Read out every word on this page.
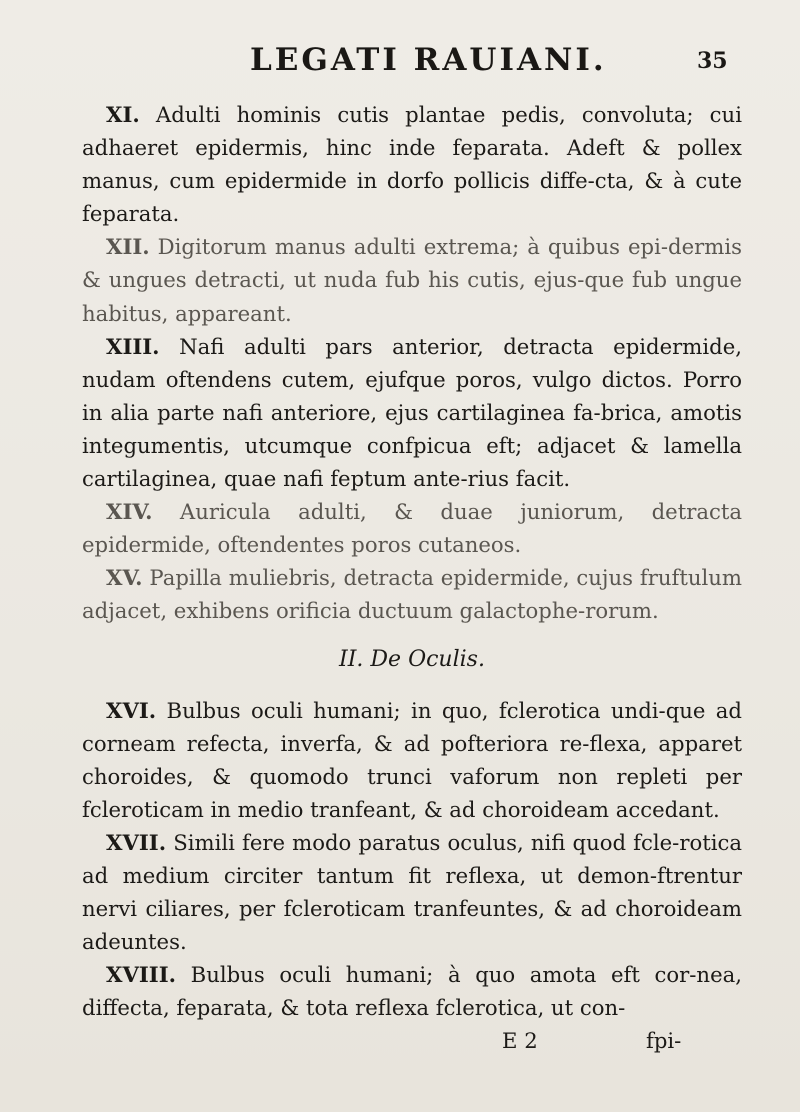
LEGATI RAUIANI.	35

XI. Adulti hominis cutis plantae pedis, convoluta; cui adhaeret epidermis, hinc inde feparata. Adeft & pollex manus, cum epidermide in dorfo pollicis diffe-cta, & à cute feparata.

XII. Digitorum manus adulti extrema; à quibus epi-dermis & ungues detracti, ut nuda fub his cutis, ejus-que fub ungue habitus, appareant.

XIII. Nafi adulti pars anterior, detracta epidermide, nudam oftendens cutem, ejufque poros, vulgo dictos. Porro in alia parte nafi anteriore, ejus cartilaginea fa-brica, amotis integumentis, utcumque confpicua eft; adjacet & lamella cartilaginea, quae nafi feptum ante-rius facit.

XIV. Auricula adulti, & duae juniorum, detracta epidermide, oftendentes poros cutaneos.

XV. Papilla muliebris, detracta epidermide, cujus fruftulum adjacet, exhibens orificia ductuum galactophe-rorum.

II. De Oculis.

XVI. Bulbus oculi humani; in quo, fclerotica undi-que ad corneam refecta, inverfa, & ad pofteriora re-flexa, apparet choroides, & quomodo trunci vaforum non repleti per fcleroticam in medio tranfeant, & ad choroideam accedant.

XVII. Simili fere modo paratus oculus, nifi quod fcle-rotica ad medium circiter tantum fit reflexa, ut demon-ftrentur nervi ciliares, per fcleroticam tranfeuntes, & ad choroideam adeuntes.

XVIII. Bulbus oculi humani; à quo amota eft cor-nea, diffecta, feparata, & tota reflexa fclerotica, ut con-

E 2	fpi-
